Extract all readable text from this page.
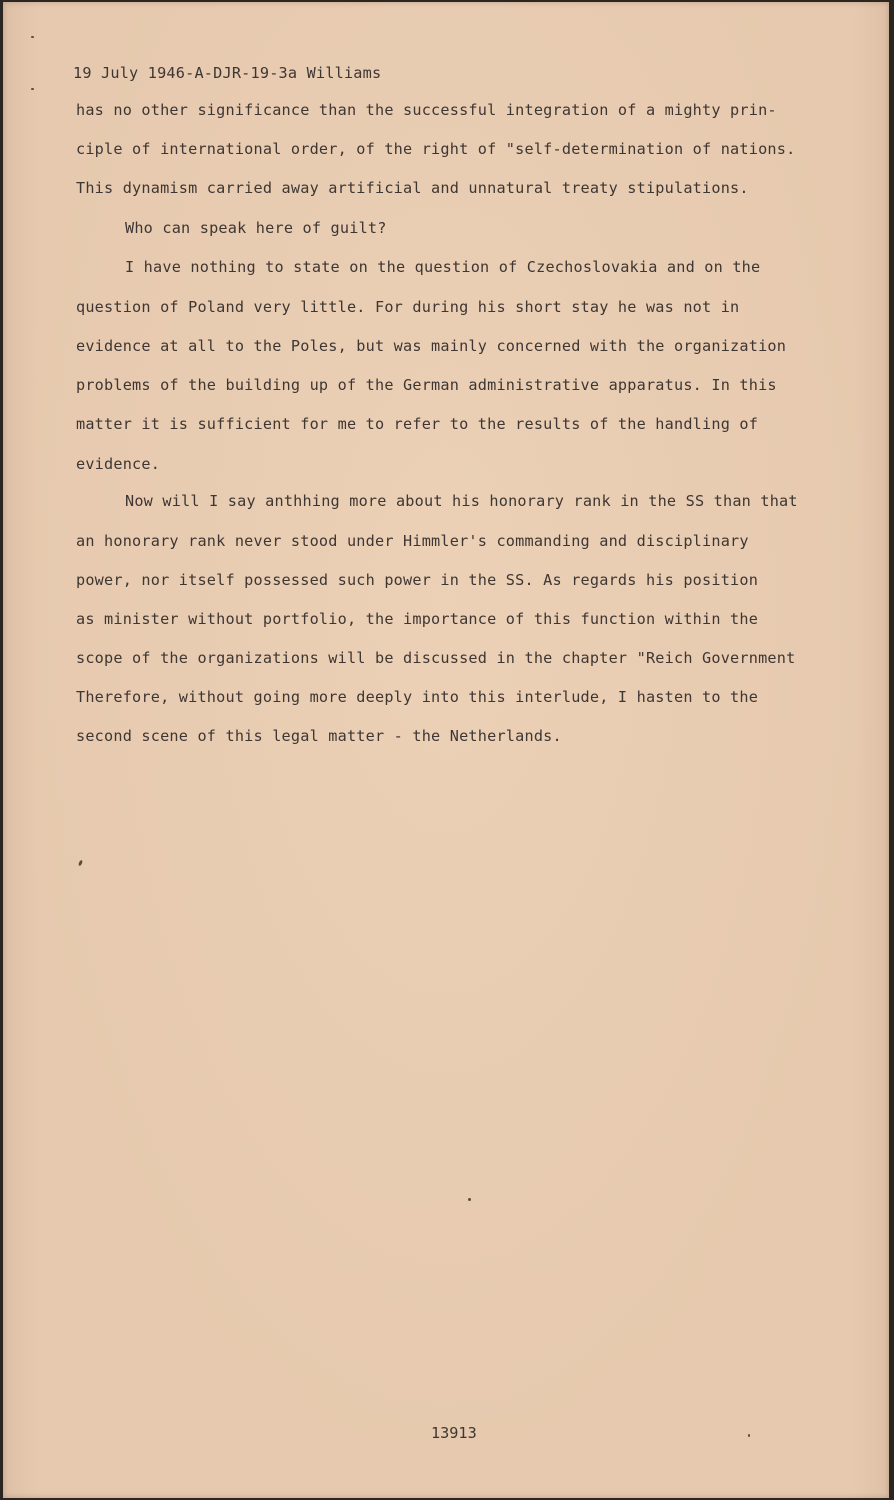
19 July 1946-A-DJR-19-3a Williams
has no other significance than the successful integration of a mighty prin-
ciple of international order, of the right of "self-determination of nations.
This dynamism carried away artificial and unnatural treaty stipulations.
Who can speak here of guilt?
I have nothing to state on the question of Czechoslovakia and on the
question of Poland very little. For during his short stay he was not in
evidence at all to the Poles, but was mainly concerned with the organization
problems of the building up of the German administrative apparatus. In this
matter it is sufficient for me to refer to the results of the handling of
evidence.
Now will I say anthhing more about his honorary rank in the SS than that
an honorary rank never stood under Himmler's commanding and disciplinary
power, nor itself possessed such power in the SS. As regards his position
as minister without portfolio, the importance of this function within the
scope of the organizations will be discussed in the chapter "Reich Government
Therefore, without going more deeply into this interlude, I hasten to the
second scene of this legal matter - the Netherlands.
13913
